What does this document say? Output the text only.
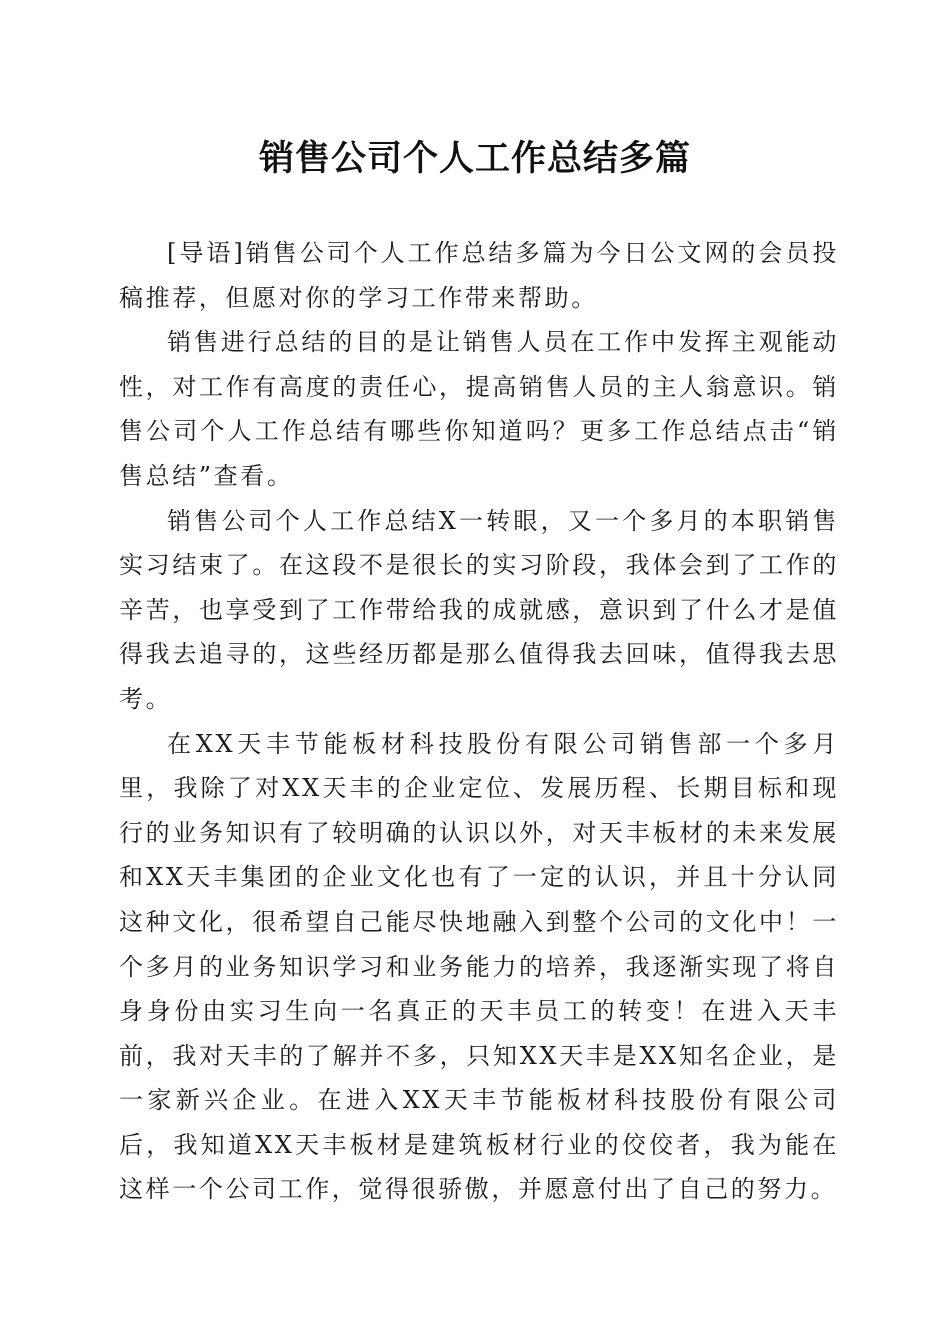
销售公司个人工作总结多篇

[导语]销售公司个人工作总结多篇为今日公文网的会员投稿推荐，但愿对你的学习工作带来帮助。

销售进行总结的目的是让销售人员在工作中发挥主观能动性，对工作有高度的责任心，提高销售人员的主人翁意识。销售公司个人工作总结有哪些你知道吗？更多工作总结点击“销售总结”查看。

销售公司个人工作总结X一转眼，又一个多月的本职销售实习结束了。在这段不是很长的实习阶段，我体会到了工作的辛苦，也享受到了工作带给我的成就感，意识到了什么才是值得我去追寻的，这些经历都是那么值得我去回味，值得我去思考。

在XX天丰节能板材科技股份有限公司销售部一个多月里，我除了对XX天丰的企业定位、发展历程、长期目标和现行的业务知识有了较明确的认识以外，对天丰板材的未来发展和XX天丰集团的企业文化也有了一定的认识，并且十分认同这种文化，很希望自己能尽快地融入到整个公司的文化中！一个多月的业务知识学习和业务能力的培养，我逐渐实现了将自身身份由实习生向一名真正的天丰员工的转变！在进入天丰前，我对天丰的了解并不多，只知XX天丰是XX知名企业，是一家新兴企业。在进入XX天丰节能板材科技股份有限公司后，我知道XX天丰板材是建筑板材行业的佼佼者，我为能在这样一个公司工作，觉得很骄傲，并愿意付出了自己的努力。
